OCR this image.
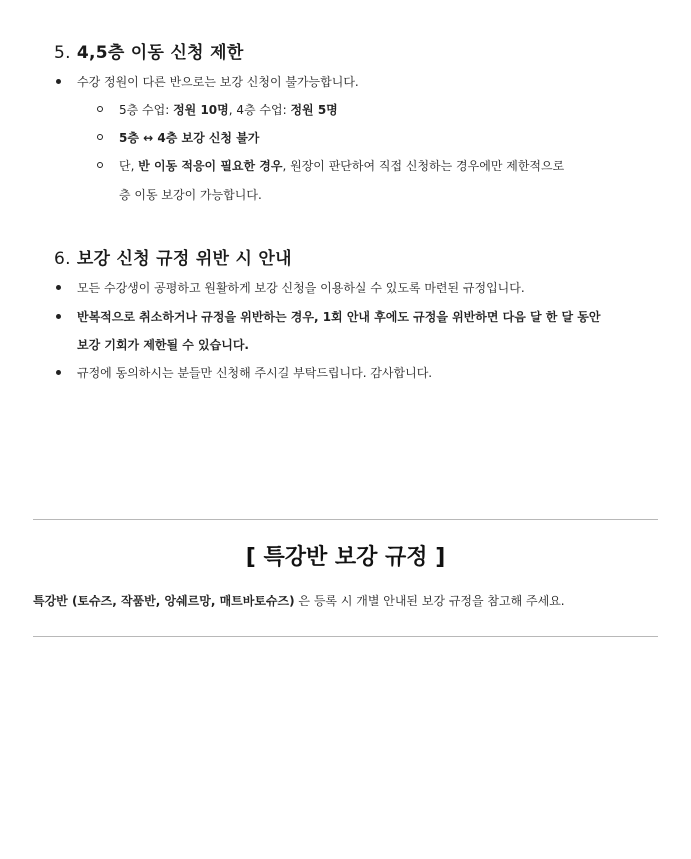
5. 4,5층 이동 신청 제한
수강 정원이 다른 반으로는 보강 신청이 불가능합니다.
5층 수업: 정원 10명, 4층 수업: 정원 5명
5층 ↔ 4층 보강 신청 불가
단, 반 이동 적응이 필요한 경우, 원장이 판단하여 직접 신청하는 경우에만 제한적으로
층 이동 보강이 가능합니다.
6. 보강 신청 규정 위반 시 안내
모든 수강생이 공평하고 원활하게 보강 신청을 이용하실 수 있도록 마련된 규정입니다.
반복적으로 취소하거나 규정을 위반하는 경우, 1회 안내 후에도 규정을 위반하면 다음 달 한 달 동안
보강 기회가 제한될 수 있습니다.
규정에 동의하시는 분들만 신청해 주시길 부탁드립니다. 감사합니다.
[ 특강반 보강 규정 ]
특강반 (토슈즈, 작품반, 앙쉐르망, 매트바토슈즈) 은 등록 시 개별 안내된 보강 규정을 참고해 주세요.
